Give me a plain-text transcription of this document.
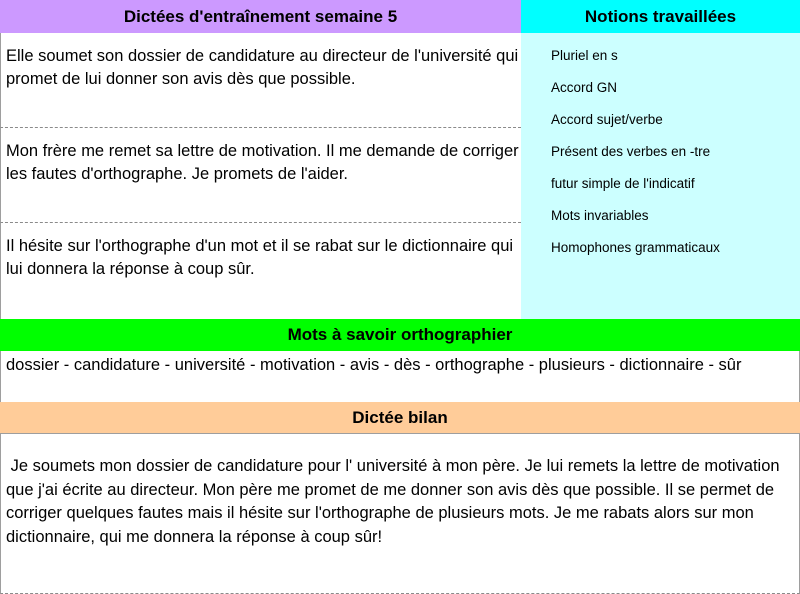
Dictées d'entraînement semaine 5	Notions travaillées
Elle soumet son dossier de candidature au directeur de l'université qui promet de lui donner son avis dès que possible.
Mon frère me remet sa lettre de motivation. Il me demande de corriger les fautes d'orthographe. Je promets de l'aider.
Il hésite sur l'orthographe d'un mot et il se rabat sur le dictionnaire qui lui donnera la réponse à coup sûr.
Pluriel en s
Accord GN
Accord sujet/verbe
Présent des verbes en -tre
futur simple de l'indicatif
Mots invariables
Homophones grammaticaux
Mots à savoir orthographier
dossier - candidature - université - motivation - avis - dès - orthographe - plusieurs - dictionnaire - sûr
Dictée bilan
Je soumets mon dossier de candidature pour l' université à mon père. Je lui remets la lettre de motivation que j'ai écrite au directeur. Mon père me promet de me donner son avis dès que possible. Il se permet de corriger quelques fautes mais il hésite sur l'orthographe de plusieurs mots. Je me rabats alors sur mon dictionnaire, qui me donnera la réponse à coup sûr!
